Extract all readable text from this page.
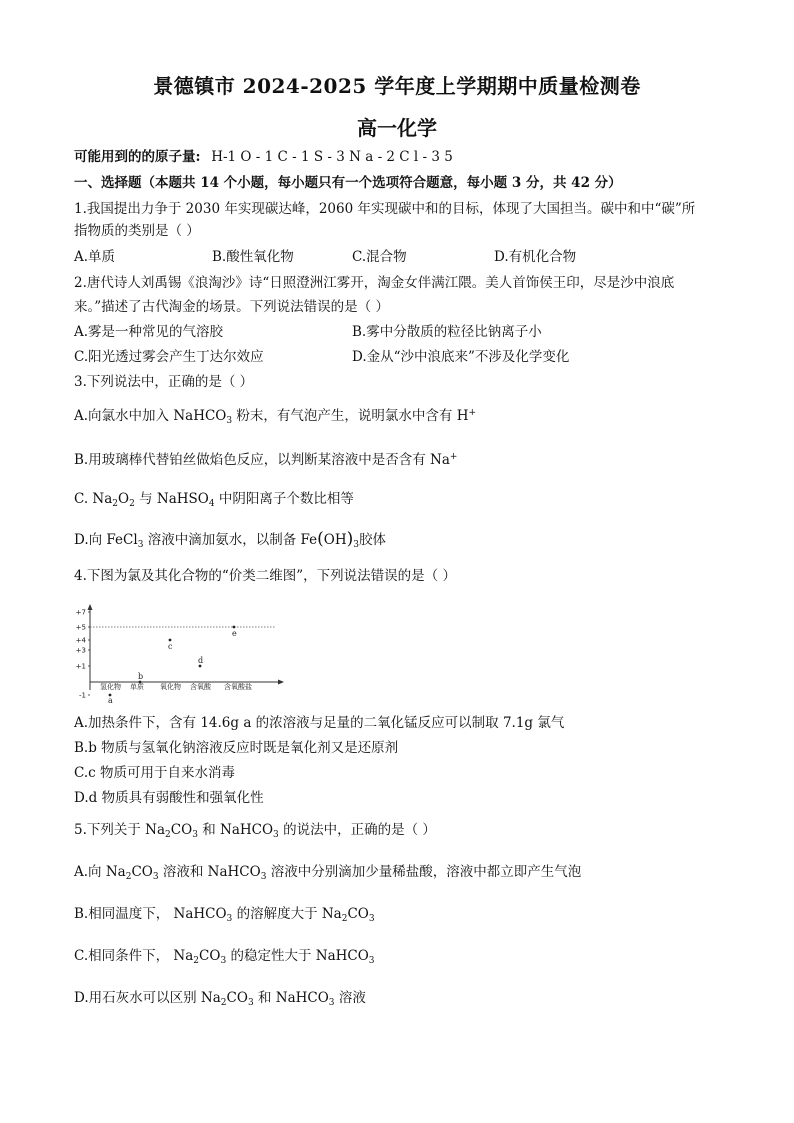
景德镇市 2024-2025 学年度上学期期中质量检测卷
高一化学
可能用到的的原子量: H-1 O - 1 C - 1 S - 3 N a - 2 C l - 3 5
一、选择题（本题共 14 个小题，每小题只有一个选项符合题意，每小题 3 分，共 42 分）
1.我国提出力争于 2030 年实现碳达峰，2060 年实现碳中和的目标，体现了大国担当。碳中和中“碳”所
指物质的类别是（ ）
A.单质	B.酸性氧化物	C.混合物	D.有机化合物
2.唐代诗人刘禹锡《浪淘沙》诗“日照澄洲江雾开，淘金女伴满江隈。美人首饰侯王印，尽是沙中浪底
来。”描述了古代淘金的场景。下列说法错误的是（ ）
A.雾是一种常见的气溶胶	B.雾中分散质的粒径比钠离子小
C.阳光透过雾会产生丁达尔效应	D.金从“沙中浪底来”不涉及化学变化
3.下列说法中，正确的是（ ）
A.向氯水中加入 NaHCO$_3$ 粉末，有气泡产生，说明氯水中含有 H+
B.用玻璃棒代替铂丝做焰色反应，以判断某溶液中是否含有 Na+
C. $Na_2O_2$ 与 NaHSO$_4$ 中阴阳离子个数比相等
D.向 FeCl$_3$ 溶液中滴加氨水，以制备 $Fe(OH)_3$胶体
4.下图为氯及其化合物的“价类二维图”，下列说法错误的是（ ）
+7
+5
+4
+3
+1
-1
氢化物 单质 氧化物 含氧酸 含氧酸盐
a
b
c
d
e
A.加热条件下，含有 14.6g a 的浓溶液与足量的二氧化锰反应可以制取 7.1g 氯气
B.b 物质与氢氧化钠溶液反应时既是氧化剂又是还原剂
C.c 物质可用于自来水消毒
D.d 物质具有弱酸性和强氧化性
5.下列关于 $Na_2CO_3$ 和 NaHCO$_3$ 的说法中，正确的是（ ）
A.向 $Na_2CO_3$ 溶液和 NaHCO$_3$ 溶液中分别滴加少量稀盐酸，溶液中都立即产生气泡
B.相同温度下， NaHCO$_3$ 的溶解度大于 $Na_2CO_3$
C.相同条件下， $Na_2CO_3$ 的稳定性大于 NaHCO$_3$
D.用石灰水可以区别 $Na_2CO_3$ 和 NaHCO$_3$ 溶液
